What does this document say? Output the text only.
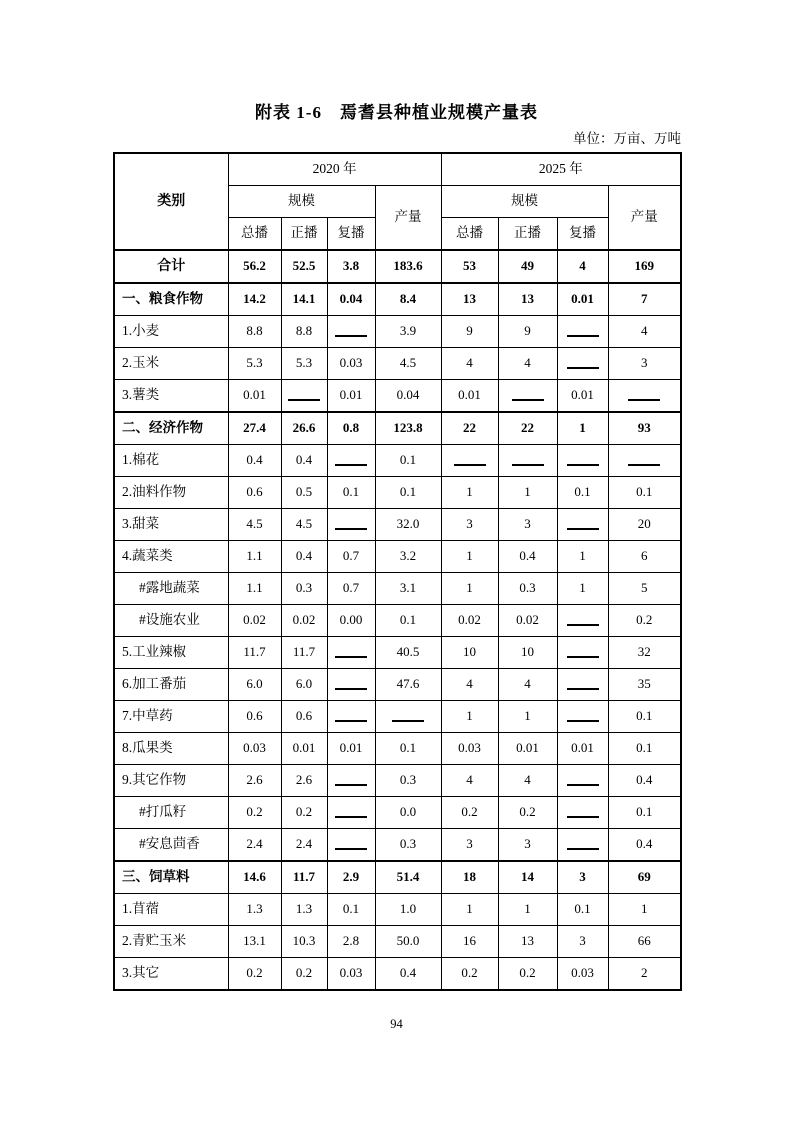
附表 1-6　焉耆县种植业规模产量表
单位：万亩、万吨
类别	2020 年				2025 年			
	规模			产量	规模			产量
	总播	正播	复播		总播	正播	复播	
合计	56.2	52.5	3.8	183.6	53	49	4	169
一、粮食作物	14.2	14.1	0.04	8.4	13	13	0.01	7
1.小麦	8.8	8.8		3.9	9	9		4
2.玉米	5.3	5.3	0.03	4.5	4	4		3
3.薯类	0.01		0.01	0.04	0.01		0.01	
二、经济作物	27.4	26.6	0.8	123.8	22	22	1	93
1.棉花	0.4	0.4		0.1				
2.油料作物	0.6	0.5	0.1	0.1	1	1	0.1	0.1
3.甜菜	4.5	4.5		32.0	3	3		20
4.蔬菜类	1.1	0.4	0.7	3.2	1	0.4	1	6
#露地蔬菜	1.1	0.3	0.7	3.1	1	0.3	1	5
#设施农业	0.02	0.02	0.00	0.1	0.02	0.02		0.2
5.工业辣椒	11.7	11.7		40.5	10	10		32
6.加工番茄	6.0	6.0		47.6	4	4		35
7.中草药	0.6	0.6			1	1		0.1
8.瓜果类	0.03	0.01	0.01	0.1	0.03	0.01	0.01	0.1
9.其它作物	2.6	2.6		0.3	4	4		0.4
#打瓜籽	0.2	0.2		0.0	0.2	0.2		0.1
#安息茴香	2.4	2.4		0.3	3	3		0.4
三、饲草料	14.6	11.7	2.9	51.4	18	14	3	69
1.苜蓿	1.3	1.3	0.1	1.0	1	1	0.1	1
2.青贮玉米	13.1	10.3	2.8	50.0	16	13	3	66
3.其它	0.2	0.2	0.03	0.4	0.2	0.2	0.03	2
94
